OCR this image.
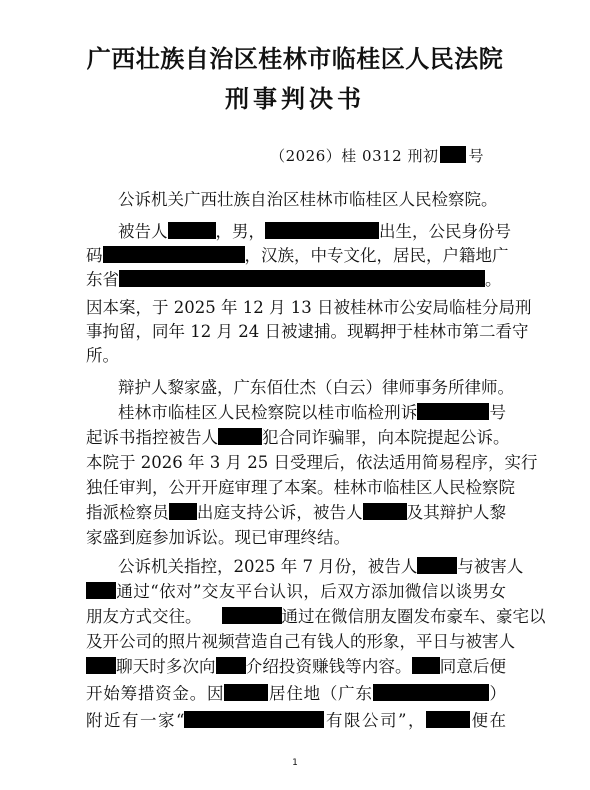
广西壮族自治区桂林市临桂区人民法院
刑事判决书
（2026）桂 0312 刑初 号
公诉机关广西壮族自治区桂林市临桂区人民检察院。
被告人	，男，	出生，公民身份号
码	，汉族，中专文化，居民，户籍地广
东省	。
因本案，于 2025 年 12 月 13 日被桂林市公安局临桂分局刑
事拘留，同年 12 月 24 日被逮捕。现羁押于桂林市第二看守
所。
辩护人黎家盛，广东佰仕杰（白云）律师事务所律师。
桂林市临桂区人民检察院以桂市临检刑诉	号
起诉书指控被告人	犯合同诈骗罪，向本院提起公诉。
本院于 2026 年 3 月 25 日受理后，依法适用简易程序，实行
独任审判，公开开庭审理了本案。桂林市临桂区人民检察院
指派检察员 出庭支持公诉，被告人	及其辩护人黎
家盛到庭参加诉讼。现已审理终结。
公诉机关指控，2025 年 7 月份，被告人 与被害人
通过“依对”交友平台认识，后双方添加微信以谈男女
朋友方式交往。	通过在微信朋友圈发布豪车、豪宅以
及开公司的照片视频营造自己有钱人的形象，平日与被害人
聊天时多次向 介绍投资赚钱等内容。 同意后便
开始筹措资金。因	居住地（广东	）
附近有一家“	有限公司”，	便在
1
